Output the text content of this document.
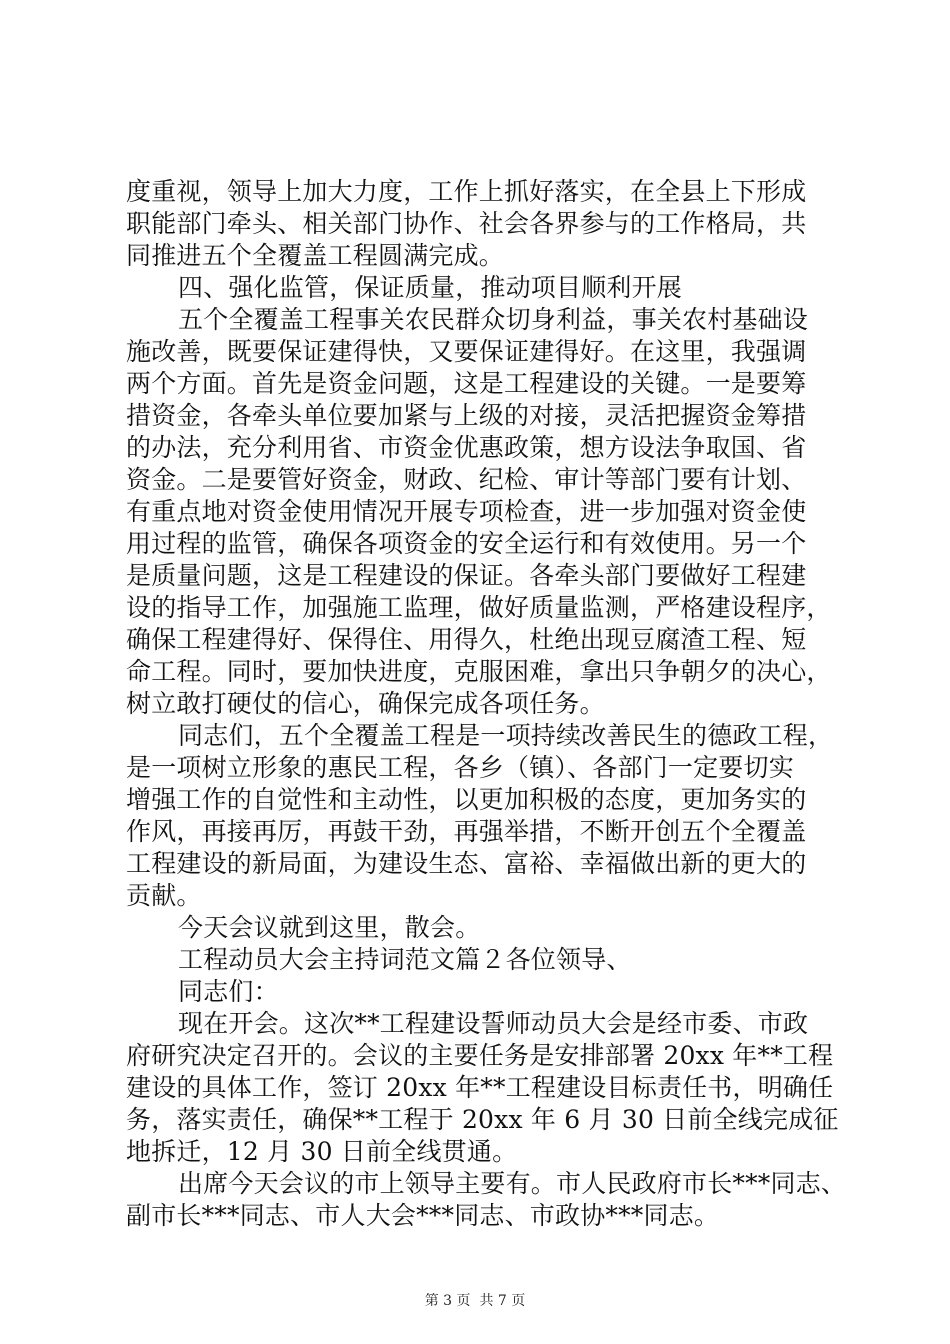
度重视，领导上加大力度，工作上抓好落实，在全县上下形成
职能部门牵头、相关部门协作、社会各界参与的工作格局，共
同推进五个全覆盖工程圆满完成。
四、强化监管，保证质量，推动项目顺利开展
五个全覆盖工程事关农民群众切身利益，事关农村基础设
施改善，既要保证建得快，又要保证建得好。在这里，我强调
两个方面。首先是资金问题，这是工程建设的关键。一是要筹
措资金，各牵头单位要加紧与上级的对接，灵活把握资金筹措
的办法，充分利用省、市资金优惠政策，想方设法争取国、省
资金。二是要管好资金，财政、纪检、审计等部门要有计划、
有重点地对资金使用情况开展专项检查，进一步加强对资金使
用过程的监管，确保各项资金的安全运行和有效使用。另一个
是质量问题，这是工程建设的保证。各牵头部门要做好工程建
设的指导工作，加强施工监理，做好质量监测，严格建设程序，
确保工程建得好、保得住、用得久，杜绝出现豆腐渣工程、短
命工程。同时，要加快进度，克服困难，拿出只争朝夕的决心，
树立敢打硬仗的信心，确保完成各项任务。
同志们，五个全覆盖工程是一项持续改善民生的德政工程，
是一项树立形象的惠民工程，各乡（镇）、各部门一定要切实
增强工作的自觉性和主动性，以更加积极的态度，更加务实的
作风，再接再厉，再鼓干劲，再强举措，不断开创五个全覆盖
工程建设的新局面，为建设生态、富裕、幸福做出新的更大的
贡献。
今天会议就到这里，散会。
工程动员大会主持词范文篇２各位领导、
同志们：
现在开会。这次**工程建设誓师动员大会是经市委、市政
府研究决定召开的。会议的主要任务是安排部署 20xx 年**工程
建设的具体工作，签订 20xx 年**工程建设目标责任书，明确任
务，落实责任，确保**工程于 20xx 年 6 月 30 日前全线完成征
地拆迁，12 月 30 日前全线贯通。
出席今天会议的市上领导主要有。市人民政府市长***同志、
副市长***同志、市人大会***同志、市政协***同志。
第 3 页  共 7 页
